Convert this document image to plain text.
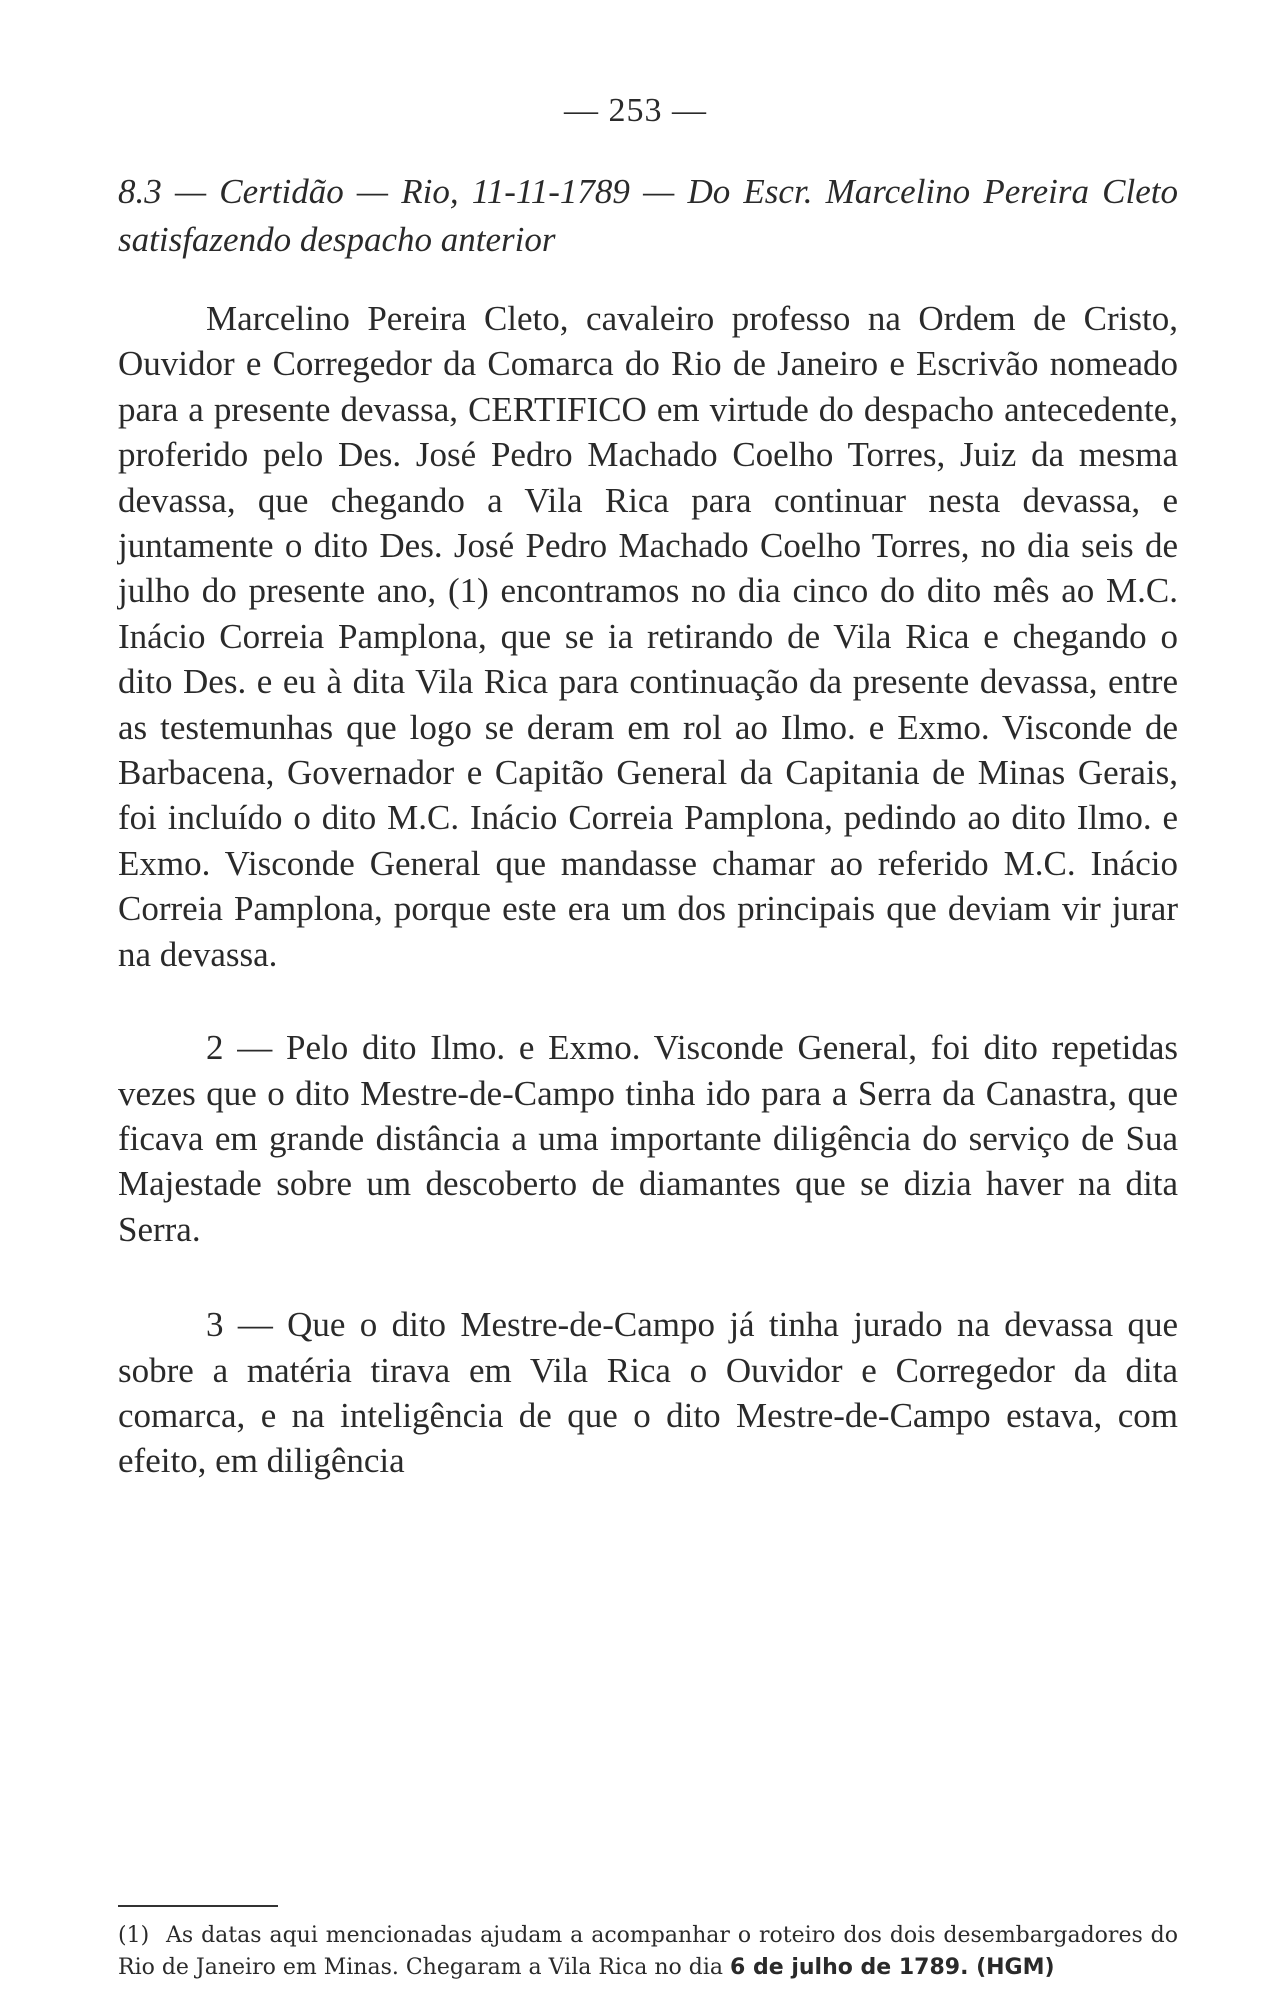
— 253 —
8.3 — Certidão — Rio, 11-11-1789 — Do Escr. Marcelino Pereira Cleto satisfazendo despacho anterior

Marcelino Pereira Cleto, cavaleiro professo na Ordem de Cristo, Ouvidor e Corregedor da Comarca do Rio de Janeiro e Escrivão nomeado para a presente devassa, CERTIFICO em virtude do despacho antecedente, proferido pelo Des. José Pedro Machado Coelho Torres, Juiz da mesma devassa, que chegando a Vila Rica para continuar nesta devassa, e juntamente o dito Des. José Pedro Machado Coelho Torres, no dia seis de julho do presente ano, (1) encontramos no dia cinco do dito mês ao M.C. Inácio Correia Pamplona, que se ia retirando de Vila Rica e chegando o dito Des. e eu à dita Vila Rica para continuação da presente devassa, entre as testemunhas que logo se deram em rol ao Ilmo. e Exmo. Visconde de Barbacena, Governador e Capitão General da Capitania de Minas Gerais, foi incluído o dito M.C. Inácio Correia Pamplona, pedindo ao dito Ilmo. e Exmo. Visconde General que mandasse chamar ao referido M.C. Inácio Correia Pamplona, porque este era um dos principais que deviam vir jurar na devassa.

2 — Pelo dito Ilmo. e Exmo. Visconde General, foi dito repetidas vezes que o dito Mestre-de-Campo tinha ido para a Serra da Canastra, que ficava em grande distância a uma importante diligência do serviço de Sua Majestade sobre um descoberto de diamantes que se dizia haver na dita Serra.

3 — Que o dito Mestre-de-Campo já tinha jurado na devassa que sobre a matéria tirava em Vila Rica o Ouvidor e Corregedor da dita comarca, e na inteligência de que o dito Mestre-de-Campo estava, com efeito, em diligência

(1) As datas aqui mencionadas ajudam a acompanhar o roteiro dos dois desembargadores do Rio de Janeiro em Minas. Chegaram a Vila Rica no dia 6 de julho de 1789. (HGM)
